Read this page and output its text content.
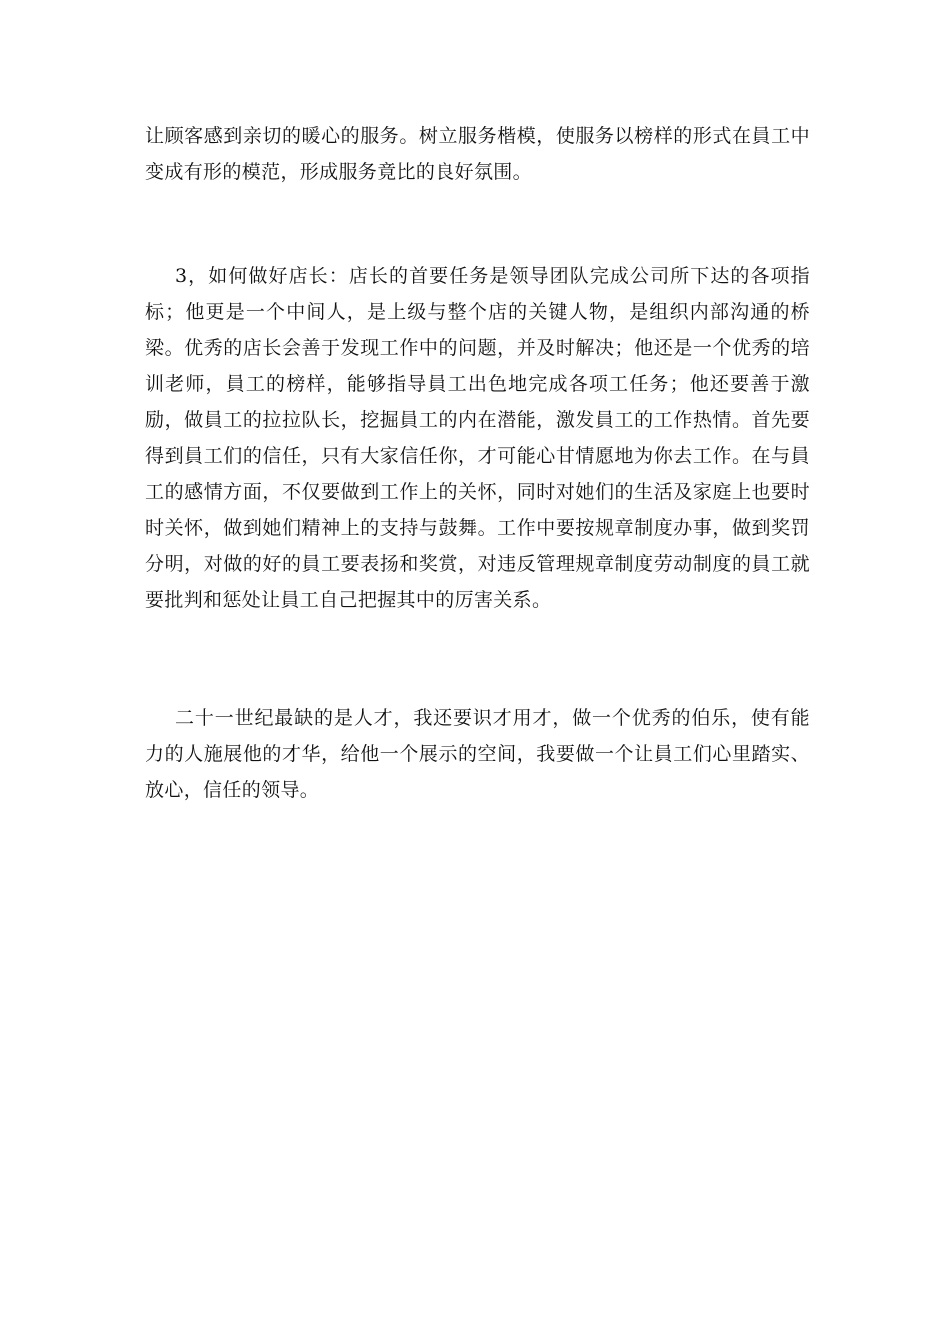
让顾客感到亲切的暖心的服务。树立服务楷模，使服务以榜样的形式在員工中变成有形的模范，形成服务竟比的良好氛围。

3，如何做好店长：店长的首要任务是领导团队完成公司所下达的各项指标；他更是一个中间人，是上级与整个店的关键人物，是组织内部沟通的桥梁。优秀的店长会善于发现工作中的问题，并及时解决；他还是一个优秀的培训老师，員工的榜样，能够指导員工出色地完成各项工任务；他还要善于激励，做員工的拉拉队长，挖掘員工的内在潜能，激发員工的工作热情。首先要得到員工们的信任，只有大家信任你，才可能心甘情愿地为你去工作。在与員工的感情方面，不仅要做到工作上的关怀，同时对她们的生活及家庭上也要时时关怀，做到她们精神上的支持与鼓舞。工作中要按规章制度办事，做到奖罚分明，对做的好的員工要表扬和奖赏，对违反管理规章制度劳动制度的員工就要批判和惩处让員工自己把握其中的厉害关系。

二十一世纪最缺的是人才，我还要识才用才，做一个优秀的伯乐，使有能力的人施展他的才华，给他一个展示的空间，我要做一个让員工们心里踏实、放心，信任的领导。
